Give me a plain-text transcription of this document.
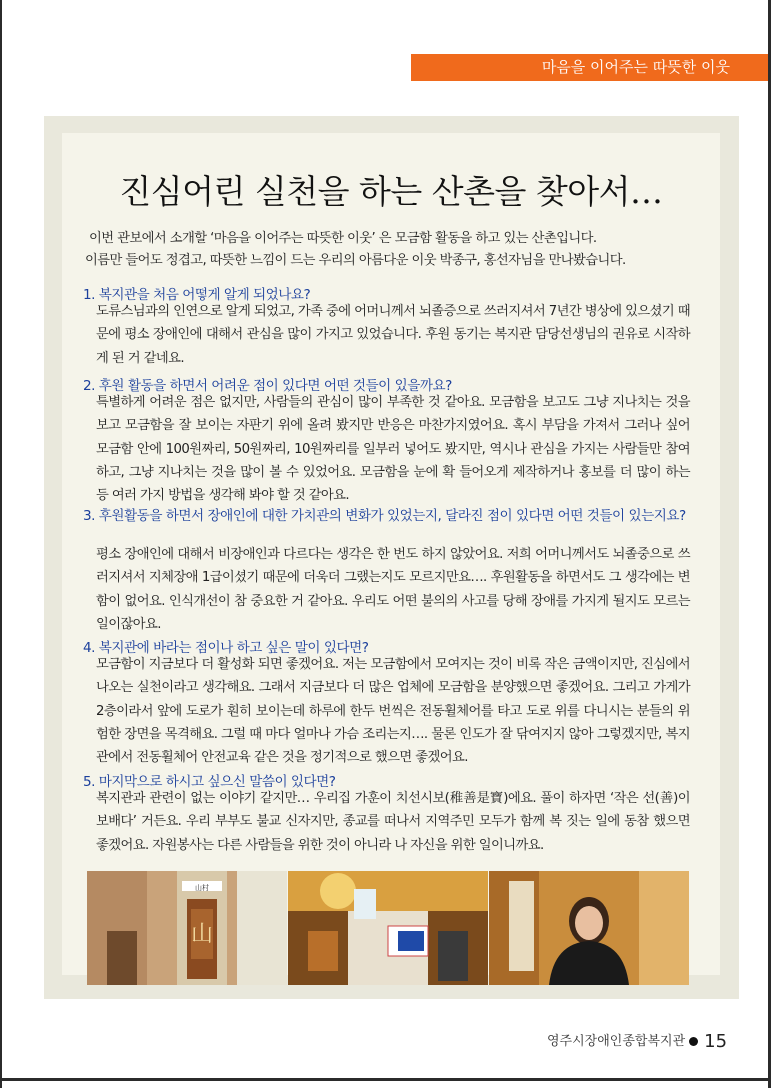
마음을 이어주는 따뜻한 이웃
진심어린 실천을 하는 산촌을 찾아서…

이번 관보에서 소개할 ‘마음을 이어주는 따뜻한 이웃’ 은 모금함 활동을 하고 있는 산촌입니다.

이름만 들어도 정겹고, 따뜻한 느낌이 드는 우리의 아름다운 이웃 박종구, 홍선자님을 만나봤습니다.

1. 복지관을 처음 어떻게 알게 되었나요?
도류스님과의 인연으로 알게 되었고, 가족 중에 어머니께서 뇌졸증으로 쓰러지셔서 7년간 병상에 있으셨기 때문에 평소 장애인에 대해서 관심을 많이 가지고 있었습니다. 후원 동기는 복지관 담당선생님의 권유로 시작하게 된 거 같네요.
2. 후원 활동을 하면서 어려운 점이 있다면 어떤 것들이 있을까요?
특별하게 어려운 점은 없지만, 사람들의 관심이 많이 부족한 것 같아요. 모금함을 보고도 그냥 지나치는 것을 보고 모금함을 잘 보이는 자판기 위에 올려 봤지만 반응은 마찬가지였어요. 혹시 부담을 가져서 그러나 싶어 모금함 안에 100원짜리, 50원짜리, 10원짜리를 일부러 넣어도 봤지만, 역시나 관심을 가지는 사람들만 참여하고, 그냥 지나치는 것을 많이 볼 수 있었어요. 모금함을 눈에 확 들어오게 제작하거나 홍보를 더 많이 하는 등 여러 가지 방법을 생각해 봐야 할 것 같아요.
3. 후원활동을 하면서 장애인에 대한 가치관의 변화가 있었는지, 달라진 점이 있다면 어떤 것들이 있는지요?
평소 장애인에 대해서 비장애인과 다르다는 생각은 한 번도 하지 않았어요. 저희 어머니께서도 뇌졸중으로 쓰러지셔서 지체장애 1급이셨기 때문에 더욱더 그랬는지도 모르지만요…. 후원활동을 하면서도 그 생각에는 변함이 없어요. 인식개선이 참 중요한 거 같아요. 우리도 어떤 불의의 사고를 당해 장애를 가지게 될지도 모르는 일이잖아요.
4. 복지관에 바라는 점이나 하고 싶은 말이 있다면?
모금함이 지금보다 더 활성화 되면 좋겠어요. 저는 모금함에서 모여지는 것이 비록 작은 금액이지만, 진심에서 나오는 실천이라고 생각해요. 그래서 지금보다 더 많은 업체에 모금함을 분양했으면 좋겠어요. 그리고 가게가 2층이라서 앞에 도로가 훤히 보이는데 하루에 한두 번씩은 전동휠체어를 타고 도로 위를 다니시는 분들의 위험한 장면을 목격해요. 그럴 때 마다 얼마나 가슴 조리는지…. 물론 인도가 잘 닦여지지 않아 그렇겠지만, 복지관에서 전동휠체어 안전교육 같은 것을 정기적으로 했으면 좋겠어요.
5. 마지막으로 하시고 싶으신 말씀이 있다면?
복지관과 관련이 없는 이야기 같지만… 우리집 가훈이 치선시보(稚善是寶)에요. 풀이 하자면 ‘작은 선(善)이 보배다’ 거든요. 우리 부부도 불교 신자지만, 종교를 떠나서 지역주민 모두가 함께 복 짓는 일에 동참 했으면 좋겠어요. 자원봉사는 다른 사람들을 위한 것이 아니라 나 자신을 위한 일이니까요.
山村
山
영주시장애인종합복지관 15
